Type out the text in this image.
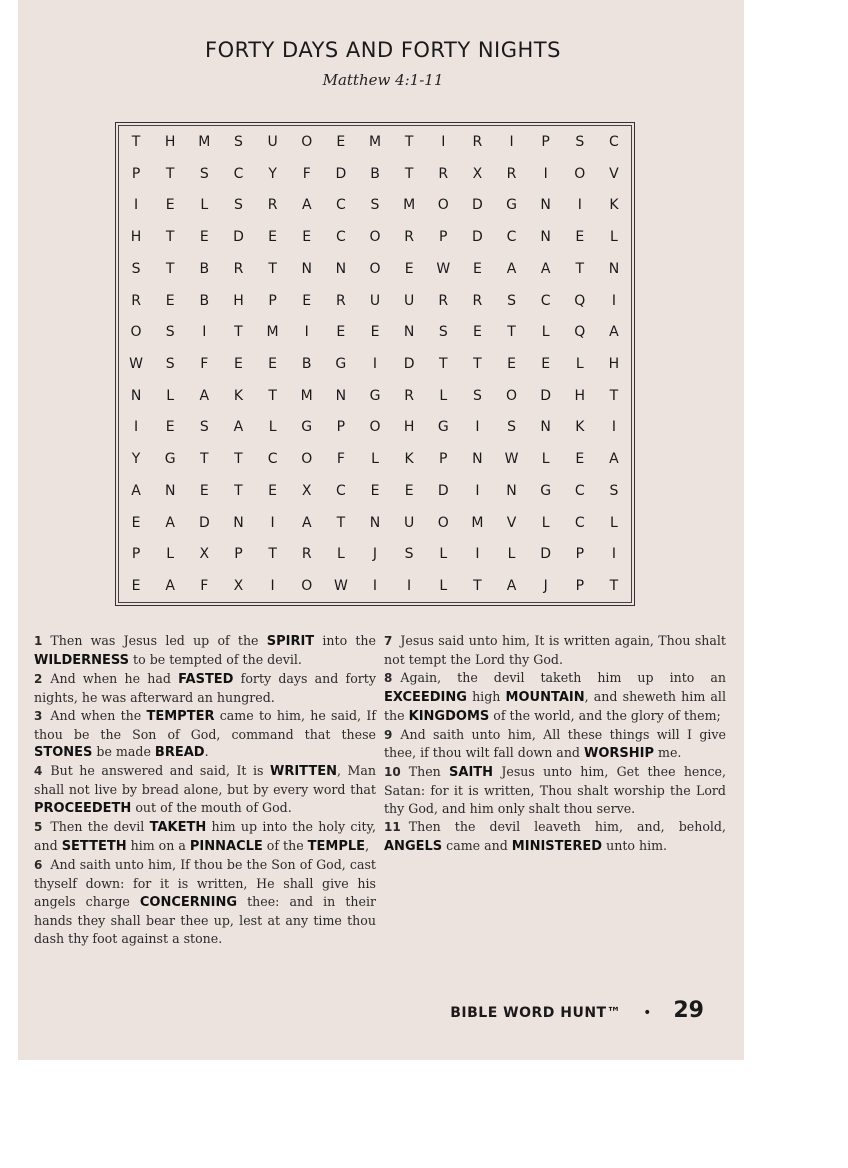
FORTY DAYS AND FORTY NIGHTS
Matthew 4:1-11
T	H	M	S	U	O	E	M	T	I	R	I	P	S	C
P	T	S	C	Y	F	D	B	T	R	X	R	I	O	V
I	E	L	S	R	A	C	S	M	O	D	G	N	I	K
H	T	E	D	E	E	C	O	R	P	D	C	N	E	L
S	T	B	R	T	N	N	O	E	W	E	A	A	T	N
R	E	B	H	P	E	R	U	U	R	R	S	C	Q	I
O	S	I	T	M	I	E	E	N	S	E	T	L	Q	A
W	S	F	E	E	B	G	I	D	T	T	E	E	L	H
N	L	A	K	T	M	N	G	R	L	S	O	D	H	T
I	E	S	A	L	G	P	O	H	G	I	S	N	K	I
Y	G	T	T	C	O	F	L	K	P	N	W	L	E	A
A	N	E	T	E	X	C	E	E	D	I	N	G	C	S
E	A	D	N	I	A	T	N	U	O	M	V	L	C	L
P	L	X	P	T	R	L	J	S	L	I	L	D	P	I
E	A	F	X	I	O	W	I	I	L	T	A	J	P	T

1 Then was Jesus led up of the SPIRIT into the WILDERNESS to be tempted of the devil.

2 And when he had FASTED forty days and forty nights, he was afterward an hungred.

3 And when the TEMPTER came to him, he said, If thou be the Son of God, command that these STONES be made BREAD.

4 But he answered and said, It is WRITTEN, Man shall not live by bread alone, but by every word that PROCEEDETH out of the mouth of God.

5 Then the devil TAKETH him up into the holy city, and SETTETH him on a PINNACLE of the TEMPLE,

6 And saith unto him, If thou be the Son of God, cast thyself down: for it is written, He shall give his angels charge CONCERNING thee: and in their hands they shall bear thee up, lest at any time thou dash thy foot against a stone.

7 Jesus said unto him, It is written again, Thou shalt not tempt the Lord thy God.

8 Again, the devil taketh him up into an EXCEEDING high MOUNTAIN, and sheweth him all the KINGDOMS of the world, and the glory of them;

9 And saith unto him, All these things will I give thee, if thou wilt fall down and WORSHIP me.

10 Then SAITH Jesus unto him, Get thee hence, Satan: for it is written, Thou shalt worship the Lord thy God, and him only shalt thou serve.

11 Then the devil leaveth him, and, behold, ANGELS came and MINISTERED unto him.

BIBLE WORD HUNT™ • 29
